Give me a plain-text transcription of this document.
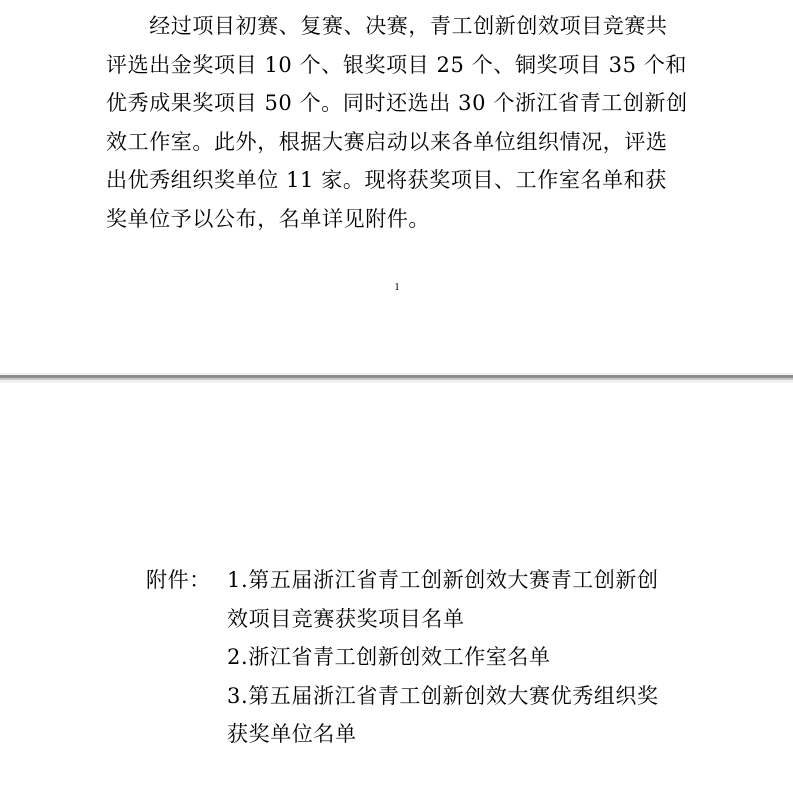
　　经过项目初赛、复赛、决赛，青工创新创效项目竞赛共
评选出金奖项目 10 个、银奖项目 25 个、铜奖项目 35 个和
优秀成果奖项目 50 个。同时还选出 30 个浙江省青工创新创
效工作室。此外，根据大赛启动以来各单位组织情况，评选
出优秀组织奖单位 11 家。现将获奖项目、工作室名单和获
奖单位予以公布，名单详见附件。

1
附件： 1.第五届浙江省青工创新创效大赛青工创新创
效项目竞赛获奖项目名单
2.浙江省青工创新创效工作室名单
3.第五届浙江省青工创新创效大赛优秀组织奖
获奖单位名单
